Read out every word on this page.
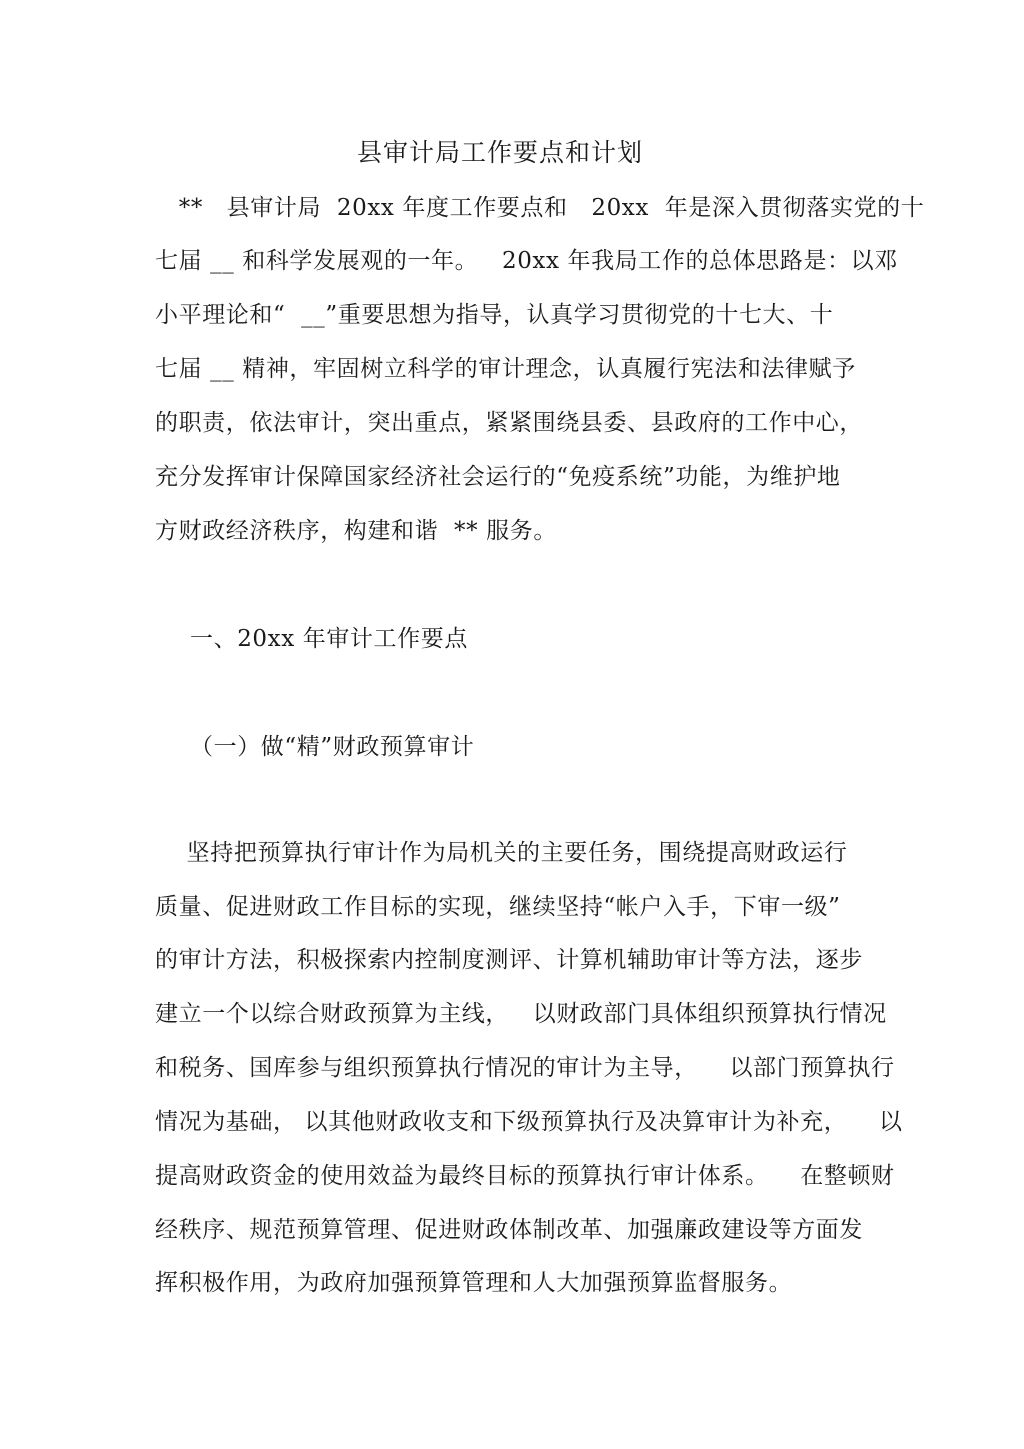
县审计局工作要点和计划
**   县审计局  20xx 年度工作要点和   20xx  年是深入贯彻落实党的十
七届 __ 和科学发展观的一年。   20xx 年我局工作的总体思路是：以邓
小平理论和“  __”重要思想为指导，认真学习贯彻党的十七大、十
七届 __ 精神，牢固树立科学的审计理念，认真履行宪法和法律赋予
的职责，依法审计，突出重点，紧紧围绕县委、县政府的工作中心，
充分发挥审计保障国家经济社会运行的“免疫系统”功能，为维护地
方财政经济秩序，构建和谐  ** 服务。
一、20xx 年审计工作要点
（一）做“精”财政预算审计
坚持把预算执行审计作为局机关的主要任务，围绕提高财政运行
质量、促进财政工作目标的实现，继续坚持“帐户入手，下审一级”
的审计方法，积极探索内控制度测评、计算机辅助审计等方法，逐步
建立一个以综合财政预算为主线，   以财政部门具体组织预算执行情况
和税务、国库参与组织预算执行情况的审计为主导，    以部门预算执行
情况为基础， 以其他财政收支和下级预算执行及决算审计为补充，    以
提高财政资金的使用效益为最终目标的预算执行审计体系。    在整顿财
经秩序、规范预算管理、促进财政体制改革、加强廉政建设等方面发
挥积极作用，为政府加强预算管理和人大加强预算监督服务。
